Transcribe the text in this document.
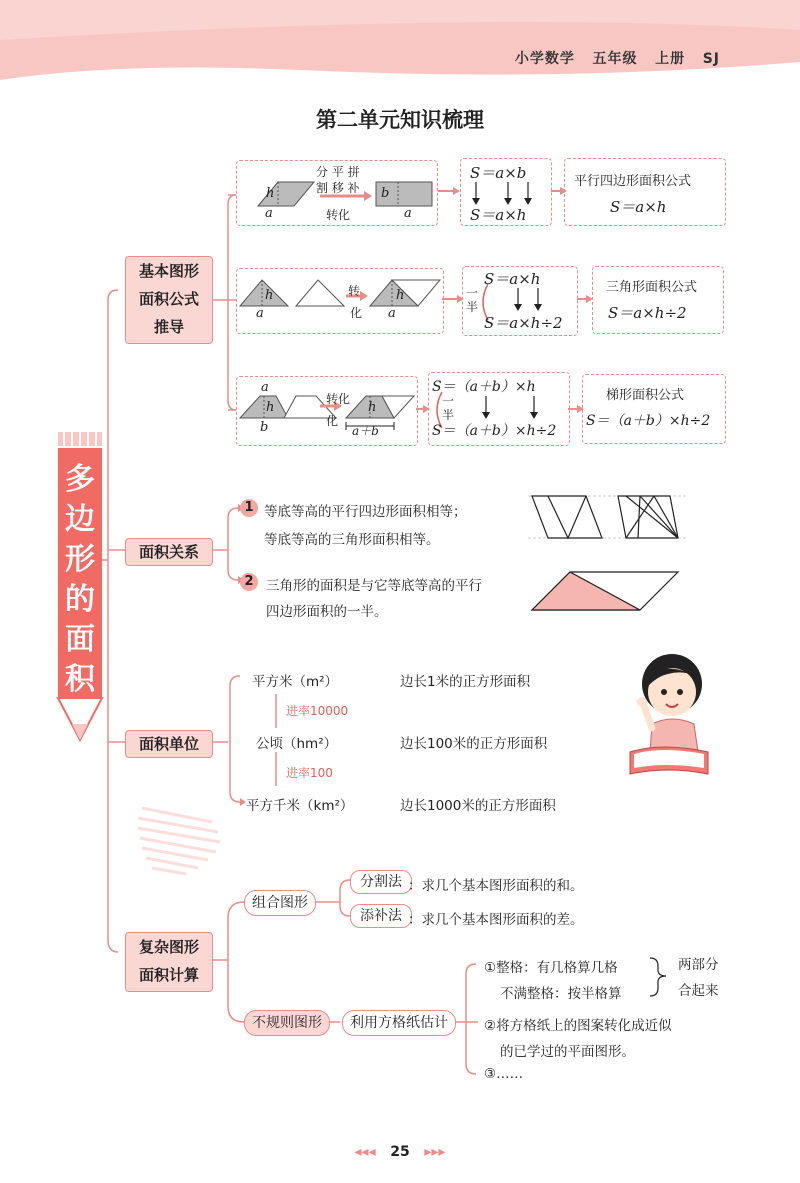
小学数学 五年级 上册 SJ
第二单元知识梳理
多
边
形
的
面
积
基本图形
面积公式
推导
面积关系
面积单位
复杂图形
面积计算
h
a
分 平 拼
割 移 补
转化
b
a
S＝a×b
S＝a×h
平行四边形面积公式
S＝a×h
h
a
转
化
h
a
一
半
S＝a×h
S＝a×h÷2
三角形面积公式
S＝a×h÷2
a
h
b
转化
化
h
a＋b
一
半
S＝（a＋b）×h
S＝（a＋b）×h÷2
梯形面积公式
S＝（a＋b）×h÷2
1 等底等高的平行四边形面积相等；
等底等高的三角形面积相等。
2 三角形的面积是与它等底等高的平行
四边形面积的一半。
平方米（m²）	边长1米的正方形面积
进率10000
公顷（hm²）	边长100米的正方形面积
进率100
平方千米（km²）	边长1000米的正方形面积
组合图形
分割法 ：求几个基本图形面积的和。
添补法 ：求几个基本图形面积的差。
不规则图形	利用方格纸估计
①整格：有几格算几格
不满整格：按半格算
两部分
合起来
②将方格纸上的图案转化成近似
的已学过的平面图形。
③……
◂◂◂ 25 ▸▸▸
